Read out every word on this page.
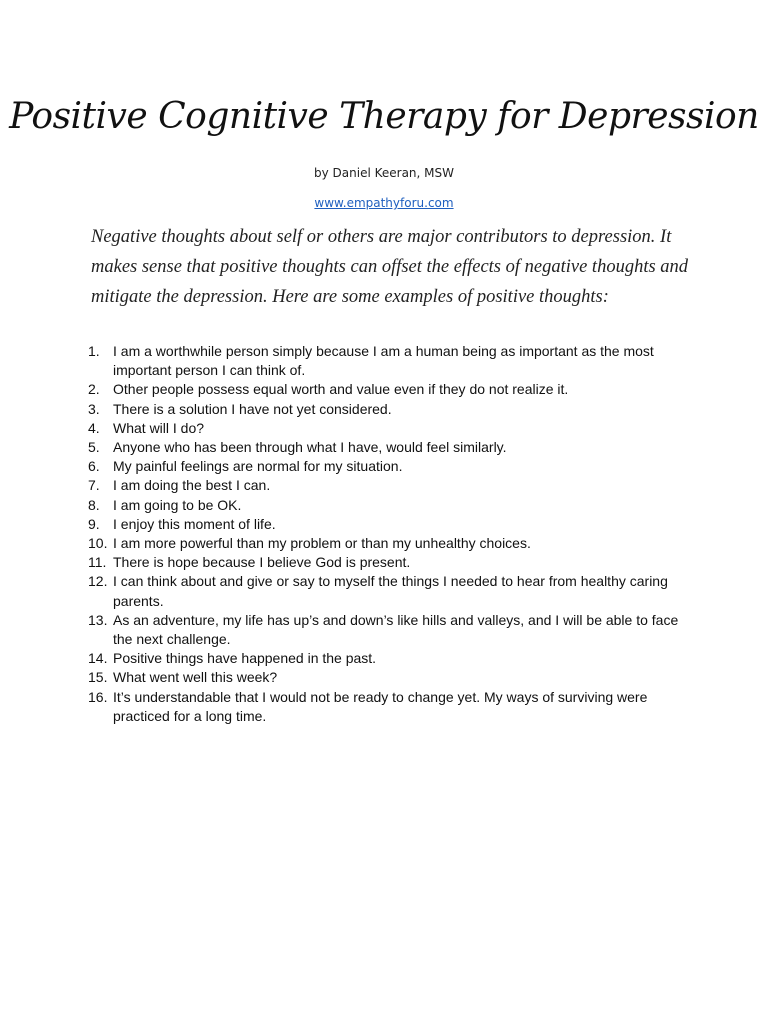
Positive Cognitive Therapy for Depression
by Daniel Keeran, MSW
www.empathyforu.com
Negative thoughts about self or others are major contributors to depression. It makes sense that positive thoughts can offset the effects of negative thoughts and mitigate the depression. Here are some examples of positive thoughts:
1. I am a worthwhile person simply because I am a human being as important as the most important person I can think of.
2. Other people possess equal worth and value even if they do not realize it.
3. There is a solution I have not yet considered.
4. What will I do?
5. Anyone who has been through what I have, would feel similarly.
6. My painful feelings are normal for my situation.
7. I am doing the best I can.
8. I am going to be OK.
9. I enjoy this moment of life.
10. I am more powerful than my problem or than my unhealthy choices.
11. There is hope because I believe God is present.
12. I can think about and give or say to myself the things I needed to hear from healthy caring parents.
13. As an adventure, my life has up’s and down’s like hills and valleys, and I will be able to face the next challenge.
14. Positive things have happened in the past.
15. What went well this week?
16. It’s understandable that I would not be ready to change yet. My ways of surviving were practiced for a long time.
